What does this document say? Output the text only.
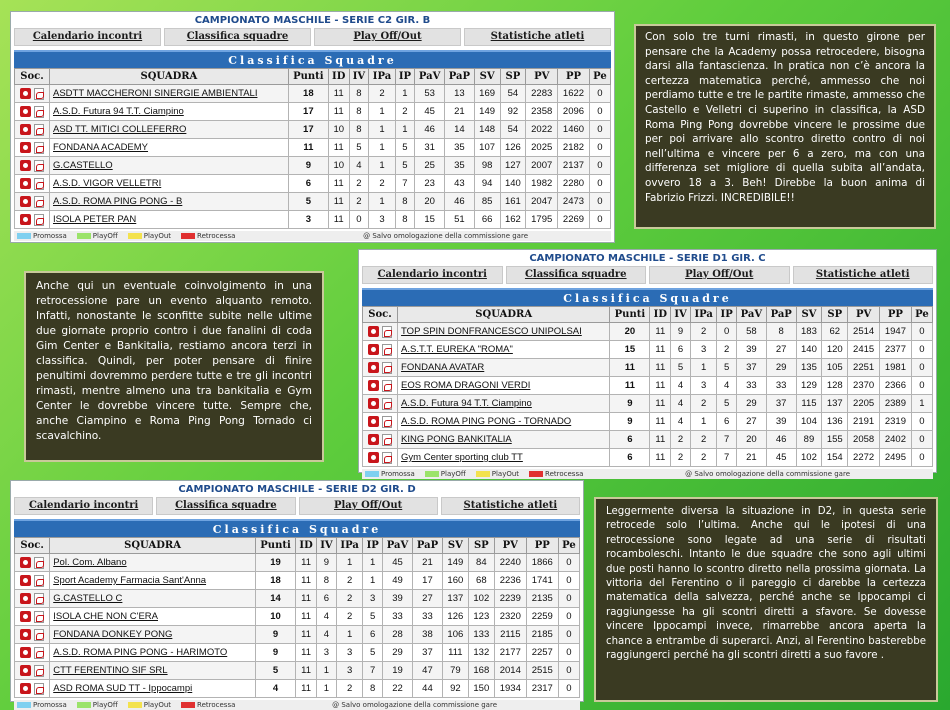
CAMPIONATO MASCHILE - SERIE C2 GIR. B
Calendario incontri	Classifica squadre	Play Off/Out	Statistiche atleti
Classifica Squadre
Soc.	SQUADRA	Punti	ID	IV	IPa	IP	PaV	PaP	SV	SP	PV	PP	Pe

	ASDTT MACCHERONI SINERGIE AMBIENTALI	18	11	8	2	1	53	13	169	54	2283	1622	0

	A.S.D. Futura 94 T.T. Ciampino	17	11	8	1	2	45	21	149	92	2358	2096	0

	ASD TT. MITICI COLLEFERRO	17	10	8	1	1	46	14	148	54	2022	1460	0

	FONDANA ACADEMY	11	11	5	1	5	31	35	107	126	2025	2182	0

	G.CASTELLO	9	10	4	1	5	25	35	98	127	2007	2137	0

	A.S.D. VIGOR VELLETRI	6	11	2	2	7	23	43	94	140	1982	2280	0

	A.S.D. ROMA PING PONG - B	5	11	2	1	8	20	46	85	161	2047	2473	0

	ISOLA PETER PAN	3	11	0	3	8	15	51	66	162	1795	2269	0
Promossa	PlayOff	PlayOut	Retrocessa	@ Salvo omologazione della commissione gare
CAMPIONATO MASCHILE - SERIE D1 GIR. C
Calendario incontri	Classifica squadre	Play Off/Out	Statistiche atleti
Classifica Squadre
Soc.	SQUADRA	Punti	ID	IV	IPa	IP	PaV	PaP	SV	SP	PV	PP	Pe

	TOP SPIN DONFRANCESCO UNIPOLSAI	20	11	9	2	0	58	8	183	62	2514	1947	0

	A.S.T.T. EUREKA "ROMA"	15	11	6	3	2	39	27	140	120	2415	2377	0

	FONDANA AVATAR	11	11	5	1	5	37	29	135	105	2251	1981	0

	EOS ROMA DRAGONI VERDI	11	11	4	3	4	33	33	129	128	2370	2366	0

	A.S.D. Futura 94 T.T. Ciampino	9	11	4	2	5	29	37	115	137	2205	2389	1

	A.S.D. ROMA PING PONG - TORNADO	9	11	4	1	6	27	39	104	136	2191	2319	0

	KING PONG BANKITALIA	6	11	2	2	7	20	46	89	155	2058	2402	0

	Gym Center sporting club TT	6	11	2	2	7	21	45	102	154	2272	2495	0
Promossa	PlayOff	PlayOut	Retrocessa	@ Salvo omologazione della commissione gare
CAMPIONATO MASCHILE - SERIE D2 GIR. D
Calendario incontri	Classifica squadre	Play Off/Out	Statistiche atleti
Classifica Squadre
Soc.	SQUADRA	Punti	ID	IV	IPa	IP	PaV	PaP	SV	SP	PV	PP	Pe

	Pol. Com. Albano	19	11	9	1	1	45	21	149	84	2240	1866	0

	Sport Academy Farmacia Sant'Anna	18	11	8	2	1	49	17	160	68	2236	1741	0

	G.CASTELLO C	14	11	6	2	3	39	27	137	102	2239	2135	0

	ISOLA CHE NON C'ERA	10	11	4	2	5	33	33	126	123	2320	2259	0

	FONDANA DONKEY PONG	9	11	4	1	6	28	38	106	133	2115	2185	0

	A.S.D. ROMA PING PONG - HARIMOTO	9	11	3	3	5	29	37	111	132	2177	2257	0

	CTT FERENTINO SIF SRL	5	11	1	3	7	19	47	79	168	2014	2515	0

	ASD ROMA SUD TT - Ippocampi	4	11	1	2	8	22	44	92	150	1934	2317	0
Promossa	PlayOff	PlayOut	Retrocessa	@ Salvo omologazione della commissione gare
Con solo tre turni rimasti, in questo girone per pensare che la Academy possa retrocedere, bisogna darsi alla fantascienza. In pratica non c’è ancora la certezza matematica perché, ammesso che noi perdiamo tutte e tre le partite rimaste, ammesso che Castello e Velletri ci superino in classifica, la ASD Roma Ping Pong dovrebbe vincere le prossime due per poi arrivare allo scontro diretto contro di noi nell’ultima e vincere per 6 a zero, ma con una differenza set migliore di quella subita all’andata, ovvero 18 a 3. Beh! Direbbe la buon anima di Fabrizio Frizzi. INCREDIBILE!!
Anche qui un eventuale coinvolgimento in una retrocessione pare un evento alquanto remoto. Infatti, nonostante le sconfitte subite nelle ultime due giornate proprio contro i due fanalini di coda Gim Center e Bankitalia, restiamo ancora terzi in classifica. Quindi, per poter pensare di finire penultimi dovremmo perdere tutte e tre gli incontri rimasti, mentre almeno una tra bankitalia e Gym Center le dovrebbe vincere tutte. Sempre che, anche Ciampino e Roma Ping Pong Tornado ci scavalchino.
Leggermente diversa la situazione in D2, in questa serie retrocede solo l’ultima. Anche qui le ipotesi di una retrocessione sono legate ad una serie di risultati rocamboleschi. Intanto le due squadre che sono agli ultimi due posti hanno lo scontro diretto nella prossima giornata. La vittoria del Ferentino o il pareggio ci darebbe la certezza matematica della salvezza, perché anche se Ippocampi ci raggiungesse ha gli scontri diretti a sfavore. Se dovesse vincere Ippocampi invece, rimarrebbe ancora aperta la chance a entrambe di superarci. Anzi, al Ferentino basterebbe raggiungerci perché ha gli scontri diretti a suo favore .
